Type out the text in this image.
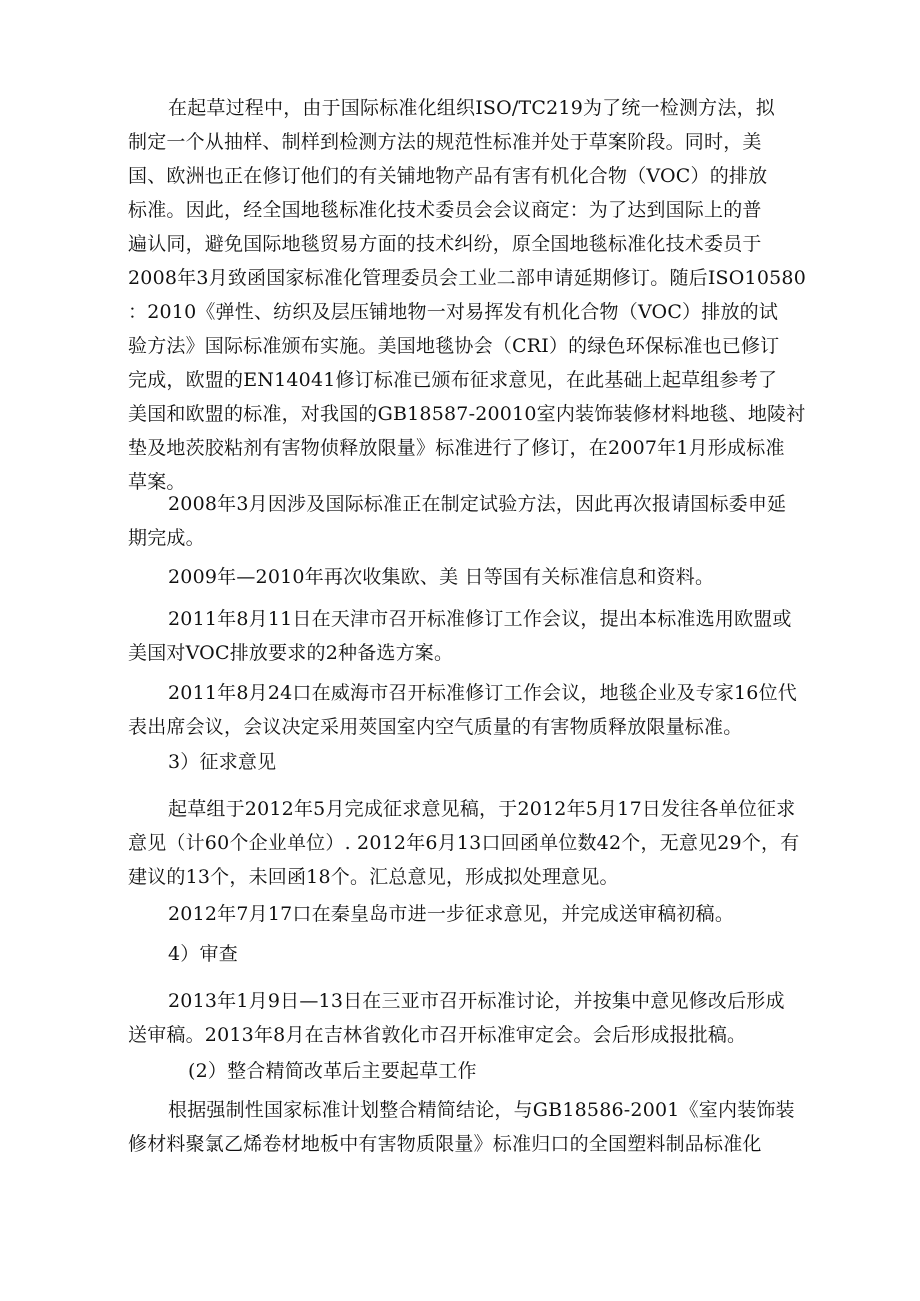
在起草过程中，由于国际标准化组织ISO/TC219为了统一检测方法，拟
制定一个从抽样、制样到检测方法的规范性标准并处于草案阶段。同时，美
国、欧洲也正在修订他们的有关铺地物产品有害有机化合物（VOC）的排放
标准。因此，经全国地毯标准化技术委员会会议商定：为了达到国际上的普
遍认同，避免国际地毯贸易方面的技术纠纷，原全国地毯标准化技术委员于
2008年3月致函国家标准化管理委员会工业二部申请延期修订。随后ISO10580
：2010《弹性、纺织及层压铺地物一对易挥发有机化合物（VOC）排放的试
验方法》国际标准颁布实施。美国地毯协会（CRI）的绿色环保标准也已修订
完成，欧盟的EN14041修订标准已颁布征求意见，在此基础上起草组参考了
美国和欧盟的标准，对我国的GB18587-20010室内装饰装修材料地毯、地陵衬
垫及地茨胶粘剂有害物侦释放限量》标准进行了修订，在2007年1月形成标准
草案。
2008年3月因涉及国际标准正在制定试验方法，因此再次报请国标委申延
期完成。
2009年—2010年再次收集欧、美 日等国有关标准信息和资料。
2011年8月11日在天津市召开标准修订工作会议，提出本标准选用欧盟或
美国对VOC排放要求的2种备选方案。
2011年8月24口在威海市召开标准修订工作会议，地毯企业及专家16位代
表出席会议，会议决定采用莢国室内空气质量的有害物质释放限量标准。
3）征求意见
起草组于2012年5月完成征求意见稿，于2012年5月17日发往各单位征求
意见（计60个企业单位）. 2012年6月13口回函单位数42个，无意见29个，有
建议的13个，未回函18个。汇总意见，形成拟处理意见。
2012年7月17口在秦皇岛市进一步征求意见，并完成送审稿初稿。
4）审查
2013年1月9日—13日在三亚市召开标准讨论，并按集中意见修改后形成
送审稿。2013年8月在吉林省敦化市召开标准审定会。会后形成报批稿。
(2）整合精简改革后主要起草工作
根据强制性国家标准计划整合精简结论，与GB18586-2001《室内装饰装
修材料聚氯乙烯卷材地板中有害物质限量》标准归口的全国塑料制品标准化
